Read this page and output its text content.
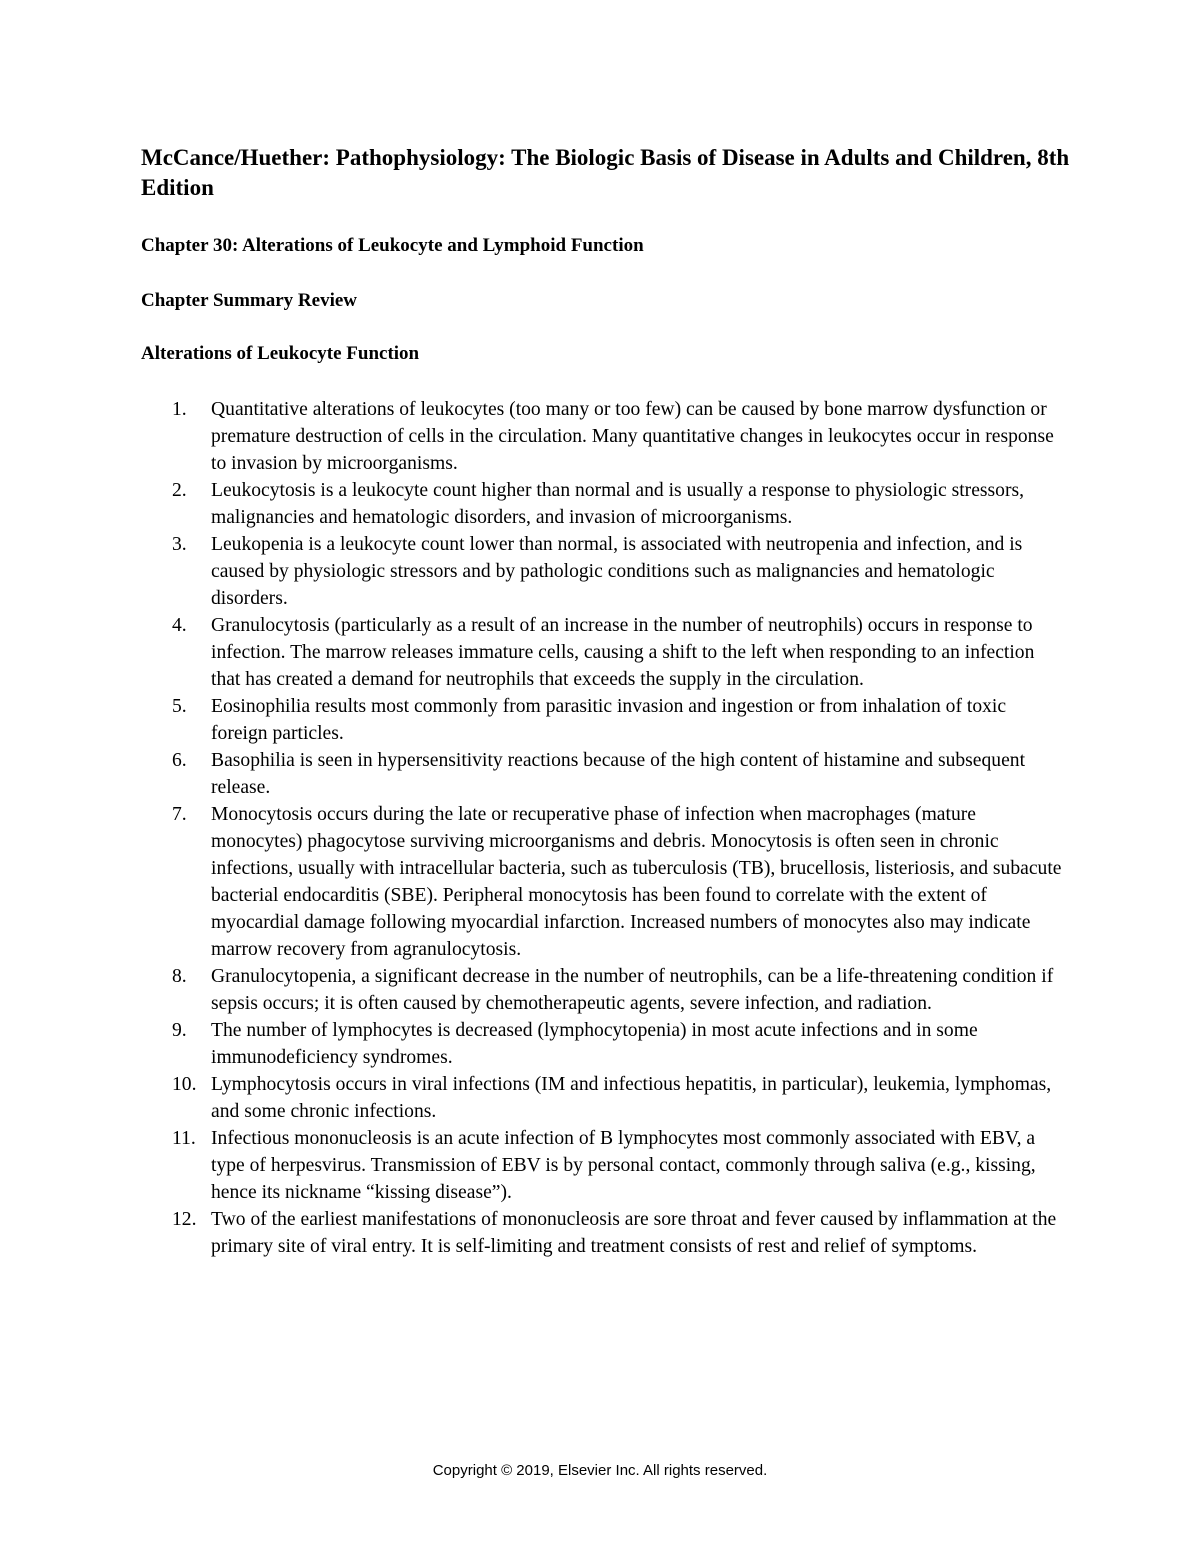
McCance/Huether: Pathophysiology: The Biologic Basis of Disease in Adults and Children, 8th Edition
Chapter 30: Alterations of Leukocyte and Lymphoid Function
Chapter Summary Review
Alterations of Leukocyte Function
1.	Quantitative alterations of leukocytes (too many or too few) can be caused by bone marrow dysfunction or premature destruction of cells in the circulation. Many quantitative changes in leukocytes occur in response to invasion by microorganisms.
2.	Leukocytosis is a leukocyte count higher than normal and is usually a response to physiologic stressors, malignancies and hematologic disorders, and invasion of microorganisms.
3.	Leukopenia is a leukocyte count lower than normal, is associated with neutropenia and infection, and is caused by physiologic stressors and by pathologic conditions such as malignancies and hematologic disorders.
4.	Granulocytosis (particularly as a result of an increase in the number of neutrophils) occurs in response to infection. The marrow releases immature cells, causing a shift to the left when responding to an infection that has created a demand for neutrophils that exceeds the supply in the circulation.
5.	Eosinophilia results most commonly from parasitic invasion and ingestion or from inhalation of toxic foreign particles.
6.	Basophilia is seen in hypersensitivity reactions because of the high content of histamine and subsequent release.
7.	Monocytosis occurs during the late or recuperative phase of infection when macrophages (mature monocytes) phagocytose surviving microorganisms and debris. Monocytosis is often seen in chronic infections, usually with intracellular bacteria, such as tuberculosis (TB), brucellosis, listeriosis, and subacute bacterial endocarditis (SBE). Peripheral monocytosis has been found to correlate with the extent of myocardial damage following myocardial infarction. Increased numbers of monocytes also may indicate marrow recovery from agranulocytosis.
8.	Granulocytopenia, a significant decrease in the number of neutrophils, can be a life-threatening condition if sepsis occurs; it is often caused by chemotherapeutic agents, severe infection, and radiation.
9.	The number of lymphocytes is decreased (lymphocytopenia) in most acute infections and in some immunodeficiency syndromes.
10. Lymphocytosis occurs in viral infections (IM and infectious hepatitis, in particular), leukemia, lymphomas, and some chronic infections.
11. Infectious mononucleosis is an acute infection of B lymphocytes most commonly associated with EBV, a type of herpesvirus. Transmission of EBV is by personal contact, commonly through saliva (e.g., kissing, hence its nickname “kissing disease”).
12. Two of the earliest manifestations of mononucleosis are sore throat and fever caused by inflammation at the primary site of viral entry. It is self-limiting and treatment consists of rest and relief of symptoms.

Copyright © 2019, Elsevier Inc. All rights reserved.
